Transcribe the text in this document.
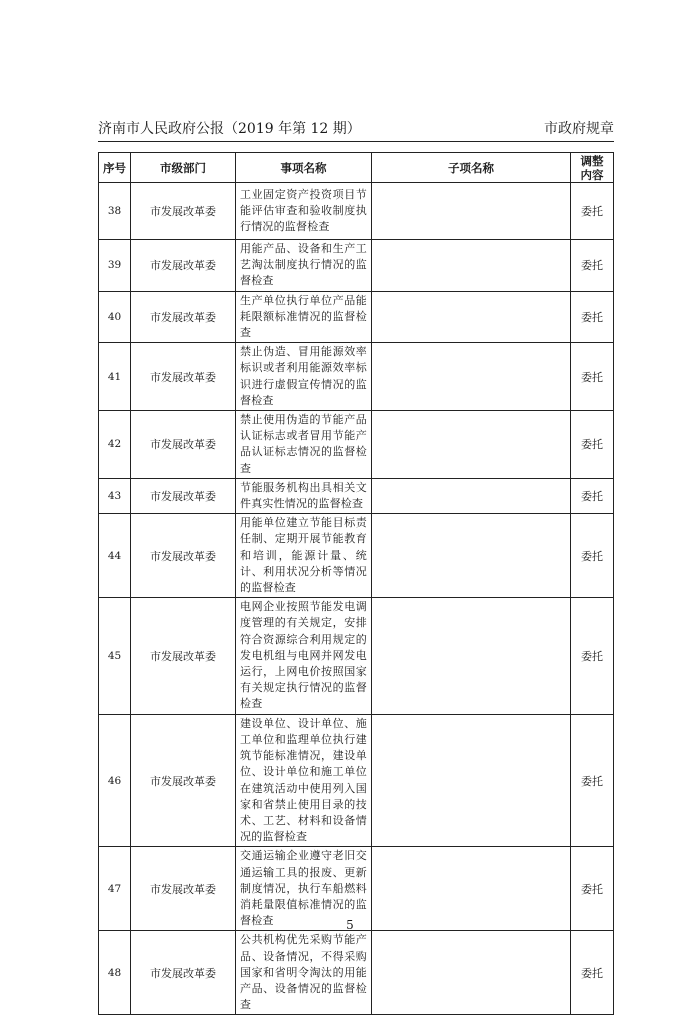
济南市人民政府公报（2019 年第 12 期）	市政府规章
序号	市级部门	事项名称	子项名称	调整内容
38	市发展改革委	工业固定资产投资项目节能评估审查和验收制度执行情况的监督检查		委托
39	市发展改革委	用能产品、设备和生产工艺淘汰制度执行情况的监督检查		委托
40	市发展改革委	生产单位执行单位产品能耗限额标准情况的监督检查		委托
41	市发展改革委	禁止伪造、冒用能源效率标识或者利用能源效率标识进行虚假宣传情况的监督检查		委托
42	市发展改革委	禁止使用伪造的节能产品认证标志或者冒用节能产品认证标志情况的监督检查		委托
43	市发展改革委	节能服务机构出具相关文件真实性情况的监督检查		委托
44	市发展改革委	用能单位建立节能目标责任制、定期开展节能教育和培训，能源计量、统计、利用状况分析等情况的监督检查		委托
45	市发展改革委	电网企业按照节能发电调度管理的有关规定，安排符合资源综合利用规定的发电机组与电网并网发电运行，上网电价按照国家有关规定执行情况的监督检查		委托
46	市发展改革委	建设单位、设计单位、施工单位和监理单位执行建筑节能标准情况，建设单位、设计单位和施工单位在建筑活动中使用列入国家和省禁止使用目录的技术、工艺、材料和设备情况的监督检查		委托
47	市发展改革委	交通运输企业遵守老旧交通运输工具的报废、更新制度情况，执行车船燃料消耗量限值标准情况的监督检查		委托
48	市发展改革委	公共机构优先采购节能产品、设备情况，不得采购国家和省明令淘汰的用能产品、设备情况的监督检查		委托
5
